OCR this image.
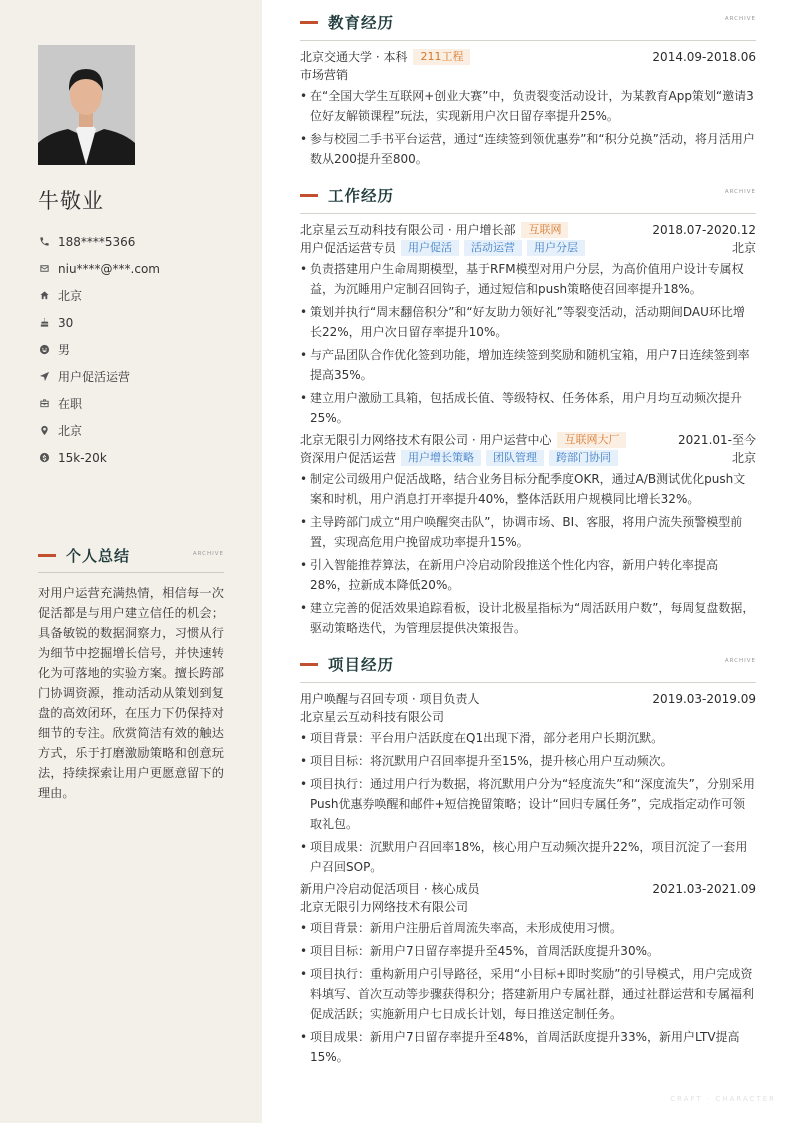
牛敬业
188****5366
niu****@***.com
北京
30
男
用户促活运营
在职
北京
15k-20k
个人总结	ARCHIVE
对用户运营充满热情，相信每一次促活都是与用户建立信任的机会；具备敏锐的数据洞察力，习惯从行为细节中挖掘增长信号，并快速转化为可落地的实验方案。擅长跨部门协调资源，推动活动从策划到复盘的高效闭环，在压力下仍保持对细节的专注。欣赏简洁有效的触达方式，乐于打磨激励策略和创意玩法，持续探索让用户更愿意留下的理由。
教育经历	ARCHIVE
北京交通大学 · 本科	211工程	2014.09-2018.06
市场营销
• 在“全国大学生互联网+创业大赛”中，负责裂变活动设计，为某教育App策划“邀请3位好友解锁课程”玩法，实现新用户次日留存率提升25%。
• 参与校园二手书平台运营，通过“连续签到领优惠券”和“积分兑换”活动，将月活用户数从200提升至800。
工作经历	ARCHIVE
北京星云互动科技有限公司 · 用户增长部	互联网	2018.07-2020.12
用户促活运营专员	用户促活	活动运营	用户分层	北京
• 负责搭建用户生命周期模型，基于RFM模型对用户分层，为高价值用户设计专属权益，为沉睡用户定制召回钩子，通过短信和push策略使召回率提升18%。
• 策划并执行“周末翻倍积分”和“好友助力领好礼”等裂变活动，活动期间DAU环比增长22%，用户次日留存率提升10%。
• 与产品团队合作优化签到功能，增加连续签到奖励和随机宝箱，用户7日连续签到率提高35%。
• 建立用户激励工具箱，包括成长值、等级特权、任务体系，用户月均互动频次提升25%。
北京无限引力网络技术有限公司 · 用户运营中心	互联网大厂	2021.01-至今
资深用户促活运营	用户增长策略	团队管理	跨部门协同	北京
• 制定公司级用户促活战略，结合业务目标分配季度OKR，通过A/B测试优化push文案和时机，用户消息打开率提升40%，整体活跃用户规模同比增长32%。
• 主导跨部门成立“用户唤醒突击队”，协调市场、BI、客服，将用户流失预警模型前置，实现高危用户挽留成功率提升15%。
• 引入智能推荐算法，在新用户冷启动阶段推送个性化内容，新用户转化率提高28%，拉新成本降低20%。
• 建立完善的促活效果追踪看板，设计北极星指标为“周活跃用户数”，每周复盘数据，驱动策略迭代，为管理层提供决策报告。
项目经历	ARCHIVE
用户唤醒与召回专项 · 项目负责人	2019.03-2019.09
北京星云互动科技有限公司
• 项目背景：平台用户活跃度在Q1出现下滑，部分老用户长期沉默。
• 项目目标：将沉默用户召回率提升至15%，提升核心用户互动频次。
• 项目执行：通过用户行为数据，将沉默用户分为“轻度流失”和“深度流失”，分别采用Push优惠券唤醒和邮件+短信挽留策略；设计“回归专属任务”，完成指定动作可领取礼包。
• 项目成果：沉默用户召回率18%，核心用户互动频次提升22%，项目沉淀了一套用户召回SOP。
新用户冷启动促活项目 · 核心成员	2021.03-2021.09
北京无限引力网络技术有限公司
• 项目背景：新用户注册后首周流失率高，未形成使用习惯。
• 项目目标：新用户7日留存率提升至45%，首周活跃度提升30%。
• 项目执行：重构新用户引导路径，采用“小目标+即时奖励”的引导模式，用户完成资料填写、首次互动等步骤获得积分；搭建新用户专属社群，通过社群运营和专属福利促成活跃；实施新用户七日成长计划，每日推送定制任务。
• 项目成果：新用户7日留存率提升至48%，首周活跃度提升33%，新用户LTV提高15%。
CRAFT · CHARACTER
